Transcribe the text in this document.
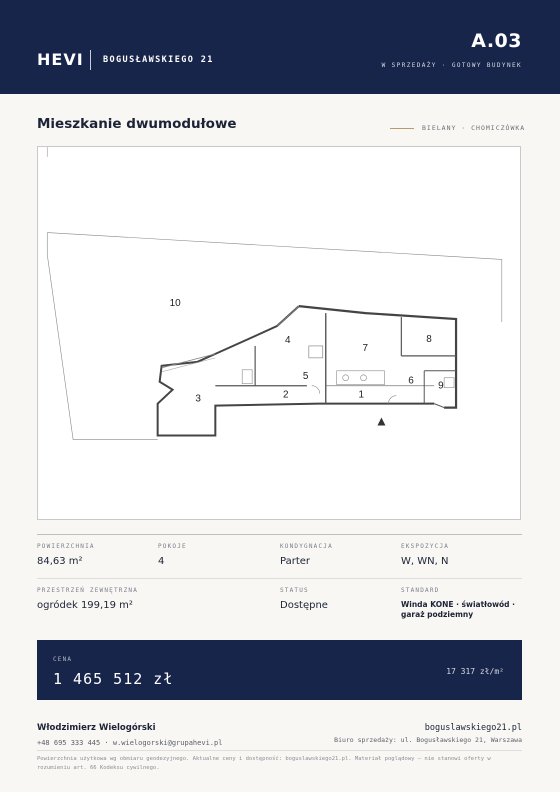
HEVI BOGUSŁAWSKIEGO 21
A.03
W SPRZEDAŻY · GOTOWY BUDYNEK
Mieszkanie dwumodułowe	BIELANY · CHOMICZÓWKA
1
2
3
4
5	6
7
8
9
10
POWIERZCHNIA
84,63 m²
POKOJE
4
KONDYGNACJA
Parter
EKSPOZYCJA
W, WN, N
PRZESTRZEŃ ZEWNĘTRZNA
ogródek 199,19 m²
STATUS
Dostępne
STANDARD
Winda KONE · światłowód · garaż podziemny
CENA
1 465 512 zł	17 317 zł/m²
Włodzimierz Wielogórski
+48 695 333 445 · w.wielogorski@grupahevi.pl
boguslawskiego21.pl
Biuro sprzedaży: ul. Bogusławskiego 21, Warszawa
Powierzchnia użytkowa wg obmiaru geodezyjnego. Aktualne ceny i dostępność: boguslawskiego21.pl. Materiał poglądowy — nie stanowi oferty w rozumieniu art. 66 Kodeksu cywilnego.
